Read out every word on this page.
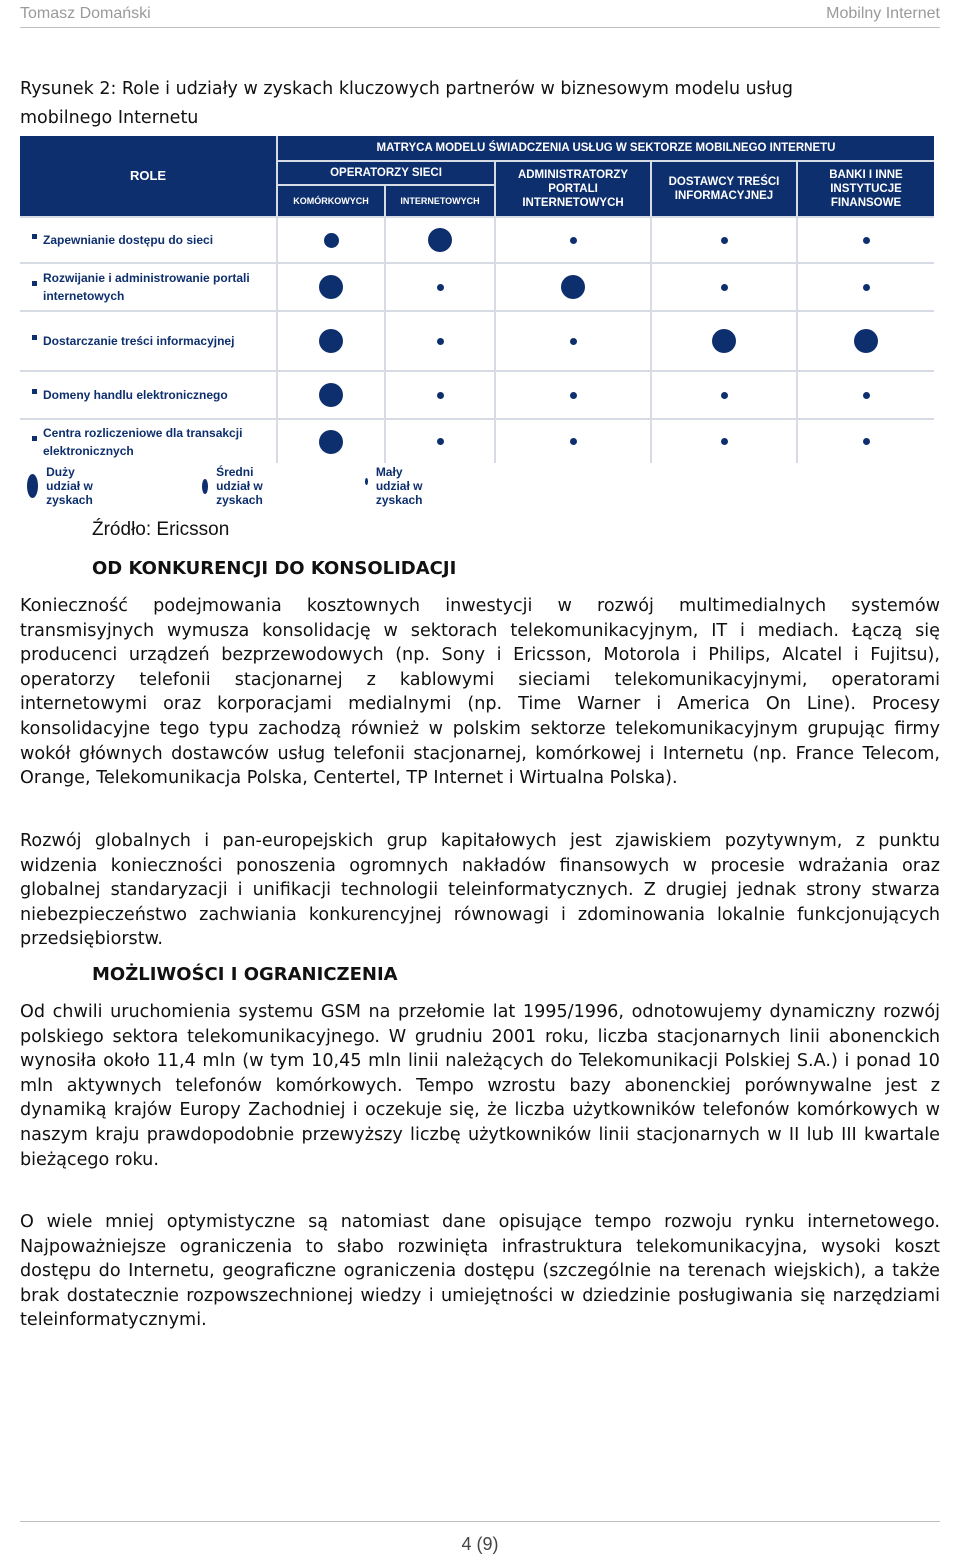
Tomasz Domański	Mobilny Internet
Rysunek 2: Role i udziały w zyskach kluczowych partnerów w biznesowym modelu usług mobilnego Internetu
ROLE
MATRYCA MODELU ŚWIADCZENIA USŁUG W SEKTORZE MOBILNEGO INTERNETU
OPERATORZY SIECI
KOMÓRKOWYCH	INTERNETOWYCH
ADMINISTRATORZY PORTALI INTERNETOWYCH
DOSTAWCY TREŚCI INFORMACYJNEJ
BANKI I INNE INSTYTUCJE FINANSOWE
Zapewnianie dostępu do sieci
Rozwijanie i administrowanie portali internetowych
Dostarczanie treści informacyjnej
Domeny handlu elektronicznego
Centra rozliczeniowe dla transakcji elektronicznych
Duży udział w zyskach
Średni udział w zyskach
Mały udział w zyskach
Źródło: Ericsson
OD KONKURENCJI DO KONSOLIDACJI
Konieczność podejmowania kosztownych inwestycji w rozwój multimedialnych systemów transmisyjnych wymusza konsolidację w sektorach telekomunikacyjnym, IT i mediach. Łączą się producenci urządzeń bezprzewodowych (np. Sony i Ericsson, Motorola i Philips, Alcatel i Fujitsu), operatorzy telefonii stacjonarnej z kablowymi sieciami telekomunikacyjnymi, operatorami internetowymi oraz korporacjami medialnymi (np. Time Warner i America On Line). Procesy konsolidacyjne tego typu zachodzą również w polskim sektorze telekomunikacyjnym grupując firmy wokół głównych dostawców usług telefonii stacjonarnej, komórkowej i Internetu (np. France Telecom, Orange, Telekomunikacja Polska, Centertel, TP Internet i Wirtualna Polska).
Rozwój globalnych i pan-europejskich grup kapitałowych jest zjawiskiem pozytywnym, z punktu widzenia konieczności ponoszenia ogromnych nakładów finansowych w procesie wdrażania oraz globalnej standaryzacji i unifikacji technologii teleinformatycznych. Z drugiej jednak strony stwarza niebezpieczeństwo zachwiania konkurencyjnej równowagi i zdominowania lokalnie funkcjonujących przedsiębiorstw.
MOŻLIWOŚCI I OGRANICZENIA
Od chwili uruchomienia systemu GSM na przełomie lat 1995/1996, odnotowujemy dynamiczny rozwój polskiego sektora telekomunikacyjnego. W grudniu 2001 roku, liczba stacjonarnych linii abonenckich wynosiła około 11,4 mln (w tym 10,45 mln linii należących do Telekomunikacji Polskiej S.A.) i ponad 10 mln aktywnych telefonów komórkowych. Tempo wzrostu bazy abonenckiej porównywalne jest z dynamiką krajów Europy Zachodniej i oczekuje się, że liczba użytkowników telefonów komórkowych w naszym kraju prawdopodobnie przewyższy liczbę użytkowników linii stacjonarnych w II lub III kwartale bieżącego roku.
O wiele mniej optymistyczne są natomiast dane opisujące tempo rozwoju rynku internetowego. Najpoważniejsze ograniczenia to słabo rozwinięta infrastruktura telekomunikacyjna, wysoki koszt dostępu do Internetu, geograficzne ograniczenia dostępu (szczególnie na terenach wiejskich), a także brak dostatecznie rozpowszechnionej wiedzy i umiejętności w dziedzinie posługiwania się narzędziami teleinformatycznymi.
4 (9)
